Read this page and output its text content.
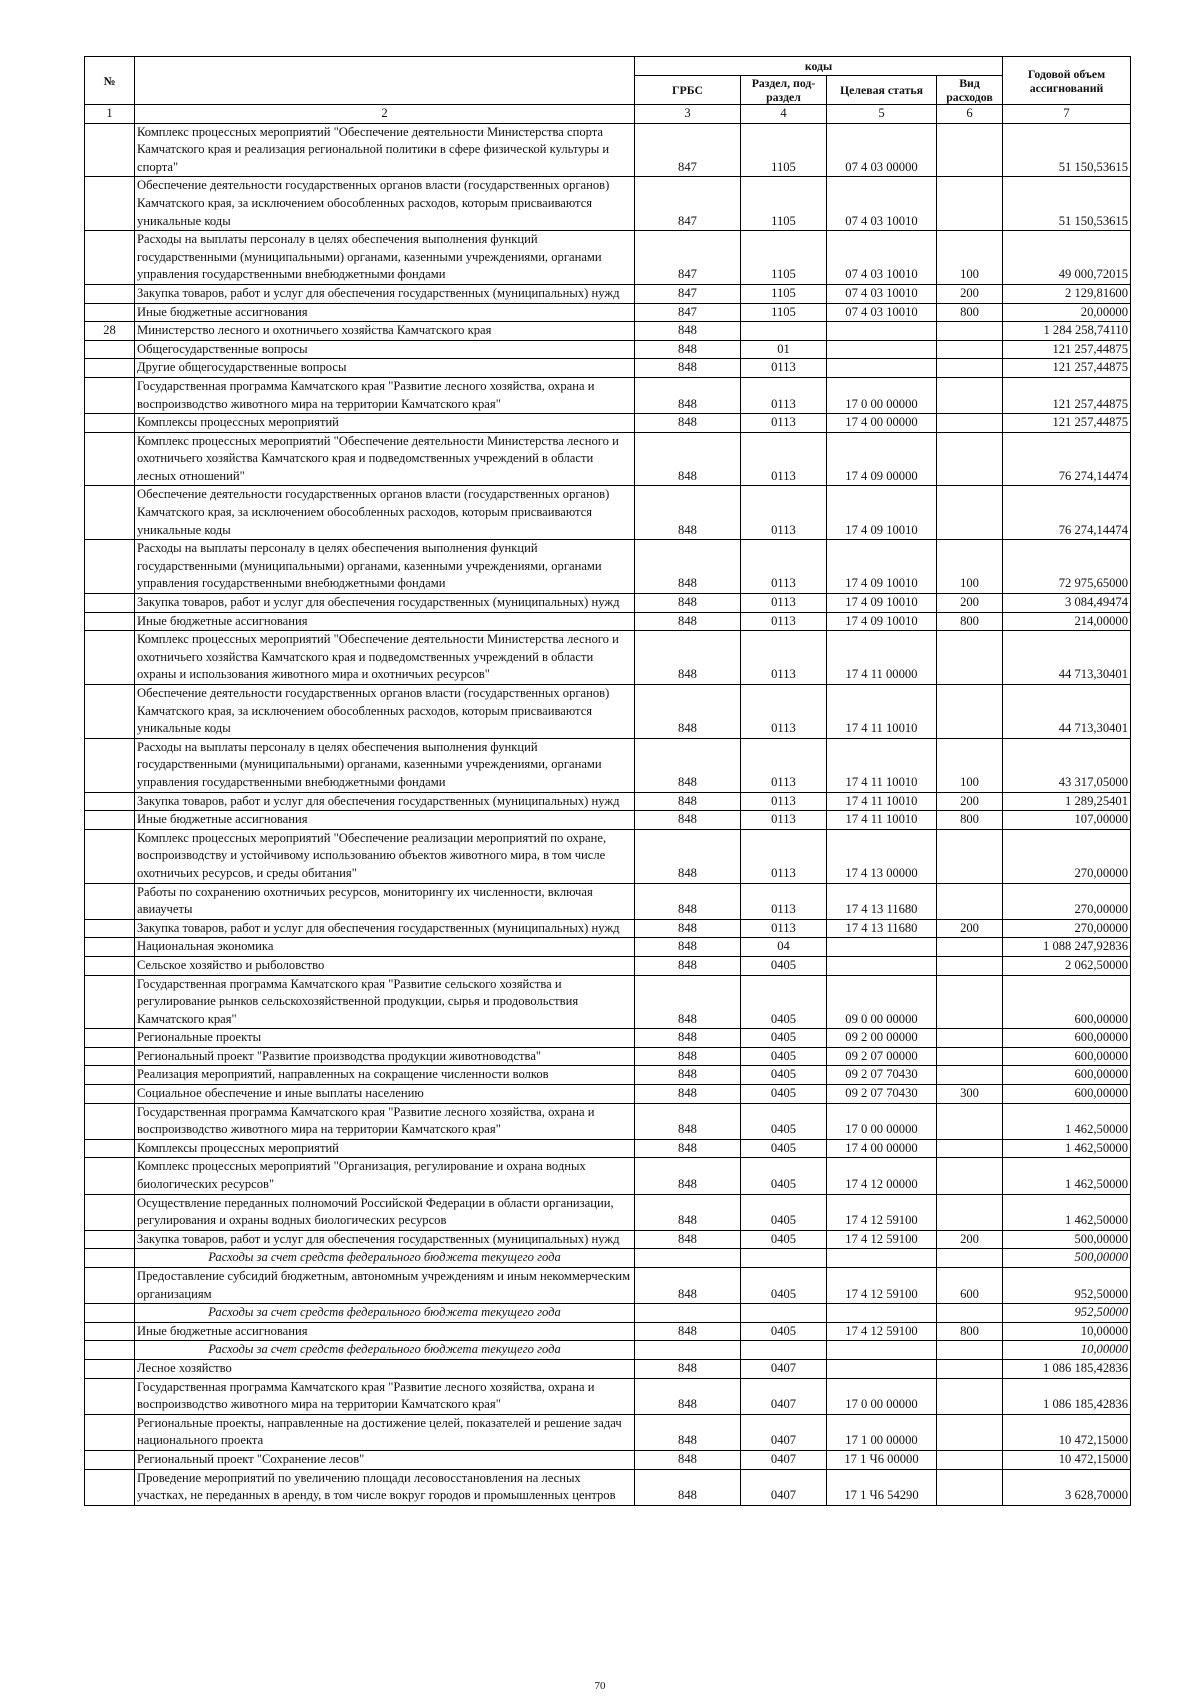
№		коды				Годовой объем ассигнований
		ГРБС	Раздел, под-раздел	Целевая статья	Вид расходов	
1	2	3	4	5	6	7
	Комплекс процессных мероприятий "Обеспечение деятельности Министерства спорта Камчатского края и реализация региональной политики в сфере физической культуры и спорта"	847	1105	07 4 03 00000		51 150,53615
	Обеспечение деятельности государственных органов власти (государственных органов) Камчатского края, за исключением обособленных расходов, которым присваиваются уникальные коды	847	1105	07 4 03 10010		51 150,53615
	Расходы на выплаты персоналу в целях обеспечения выполнения функций государственными (муниципальными) органами, казенными учреждениями, органами управления государственными внебюджетными фондами	847	1105	07 4 03 10010	100	49 000,72015
	Закупка товаров, работ и услуг для обеспечения государственных (муниципальных) нужд	847	1105	07 4 03 10010	200	2 129,81600
	Иные бюджетные ассигнования	847	1105	07 4 03 10010	800	20,00000
28	Министерство лесного и охотничьего хозяйства Камчатского края	848				1 284 258,74110
	Общегосударственные вопросы	848	01			121 257,44875
	Другие общегосударственные вопросы	848	0113			121 257,44875
	Государственная программа Камчатского края "Развитие лесного хозяйства, охрана и воспроизводство животного мира на территории Камчатского края"	848	0113	17 0 00 00000		121 257,44875
	Комплексы процессных мероприятий	848	0113	17 4 00 00000		121 257,44875
	Комплекс процессных мероприятий "Обеспечение деятельности Министерства лесного и охотничьего хозяйства Камчатского края и подведомственных учреждений в области лесных отношений"	848	0113	17 4 09 00000		76 274,14474
	Обеспечение деятельности государственных органов власти (государственных органов) Камчатского края, за исключением обособленных расходов, которым присваиваются уникальные коды	848	0113	17 4 09 10010		76 274,14474
	Расходы на выплаты персоналу в целях обеспечения выполнения функций государственными (муниципальными) органами, казенными учреждениями, органами управления государственными внебюджетными фондами	848	0113	17 4 09 10010	100	72 975,65000
	Закупка товаров, работ и услуг для обеспечения государственных (муниципальных) нужд	848	0113	17 4 09 10010	200	3 084,49474
	Иные бюджетные ассигнования	848	0113	17 4 09 10010	800	214,00000
	Комплекс процессных мероприятий "Обеспечение деятельности Министерства лесного и охотничьего хозяйства Камчатского края и подведомственных учреждений в области охраны и использования животного мира и охотничьих ресурсов"	848	0113	17 4 11 00000		44 713,30401
	Обеспечение деятельности государственных органов власти (государственных органов) Камчатского края, за исключением обособленных расходов, которым присваиваются уникальные коды	848	0113	17 4 11 10010		44 713,30401
	Расходы на выплаты персоналу в целях обеспечения выполнения функций государственными (муниципальными) органами, казенными учреждениями, органами управления государственными внебюджетными фондами	848	0113	17 4 11 10010	100	43 317,05000
	Закупка товаров, работ и услуг для обеспечения государственных (муниципальных) нужд	848	0113	17 4 11 10010	200	1 289,25401
	Иные бюджетные ассигнования	848	0113	17 4 11 10010	800	107,00000
	Комплекс процессных мероприятий "Обеспечение реализации мероприятий по охране, воспроизводству и устойчивому использованию объектов животного мира, в том числе охотничьих ресурсов, и среды обитания"	848	0113	17 4 13 00000		270,00000
	Работы по сохранению охотничьих ресурсов, мониторингу их численности, включая авиаучеты	848	0113	17 4 13 11680		270,00000
	Закупка товаров, работ и услуг для обеспечения государственных (муниципальных) нужд	848	0113	17 4 13 11680	200	270,00000
	Национальная экономика	848	04			1 088 247,92836
	Сельское хозяйство и рыболовство	848	0405			2 062,50000
	Государственная программа Камчатского края "Развитие сельского хозяйства и регулирование рынков сельскохозяйственной продукции, сырья и продовольствия Камчатского края"	848	0405	09 0 00 00000		600,00000
	Региональные проекты	848	0405	09 2 00 00000		600,00000
	Региональный проект "Развитие производства продукции животноводства"	848	0405	09 2 07 00000		600,00000
	Реализация мероприятий, направленных на сокращение численности волков	848	0405	09 2 07 70430		600,00000
	Социальное обеспечение и иные выплаты населению	848	0405	09 2 07 70430	300	600,00000
	Государственная программа Камчатского края "Развитие лесного хозяйства, охрана и воспроизводство животного мира на территории Камчатского края"	848	0405	17 0 00 00000		1 462,50000
	Комплексы процессных мероприятий	848	0405	17 4 00 00000		1 462,50000
	Комплекс процессных мероприятий "Организация, регулирование и охрана водных биологических ресурсов"	848	0405	17 4 12 00000		1 462,50000
	Осуществление переданных полномочий Российской Федерации в области организации, регулирования и охраны водных биологических ресурсов	848	0405	17 4 12 59100		1 462,50000
	Закупка товаров, работ и услуг для обеспечения государственных (муниципальных) нужд	848	0405	17 4 12 59100	200	500,00000
	Расходы за счет средств федерального бюджета текущего года					500,00000
	Предоставление субсидий бюджетным, автономным учреждениям и иным некоммерческим организациям	848	0405	17 4 12 59100	600	952,50000
	Расходы за счет средств федерального бюджета текущего года					952,50000
	Иные бюджетные ассигнования	848	0405	17 4 12 59100	800	10,00000
	Расходы за счет средств федерального бюджета текущего года					10,00000
	Лесное хозяйство	848	0407			1 086 185,42836
	Государственная программа Камчатского края "Развитие лесного хозяйства, охрана и воспроизводство животного мира на территории Камчатского края"	848	0407	17 0 00 00000		1 086 185,42836
	Региональные проекты, направленные на достижение целей, показателей и решение задач национального проекта	848	0407	17 1 00 00000		10 472,15000
	Региональный проект "Сохранение лесов"	848	0407	17 1 Ч6 00000		10 472,15000
	Проведение мероприятий по увеличению площади лесовосстановления на лесных участках, не переданных в аренду, в том числе вокруг городов и промышленных центров	848	0407	17 1 Ч6 54290		3 628,70000
70
